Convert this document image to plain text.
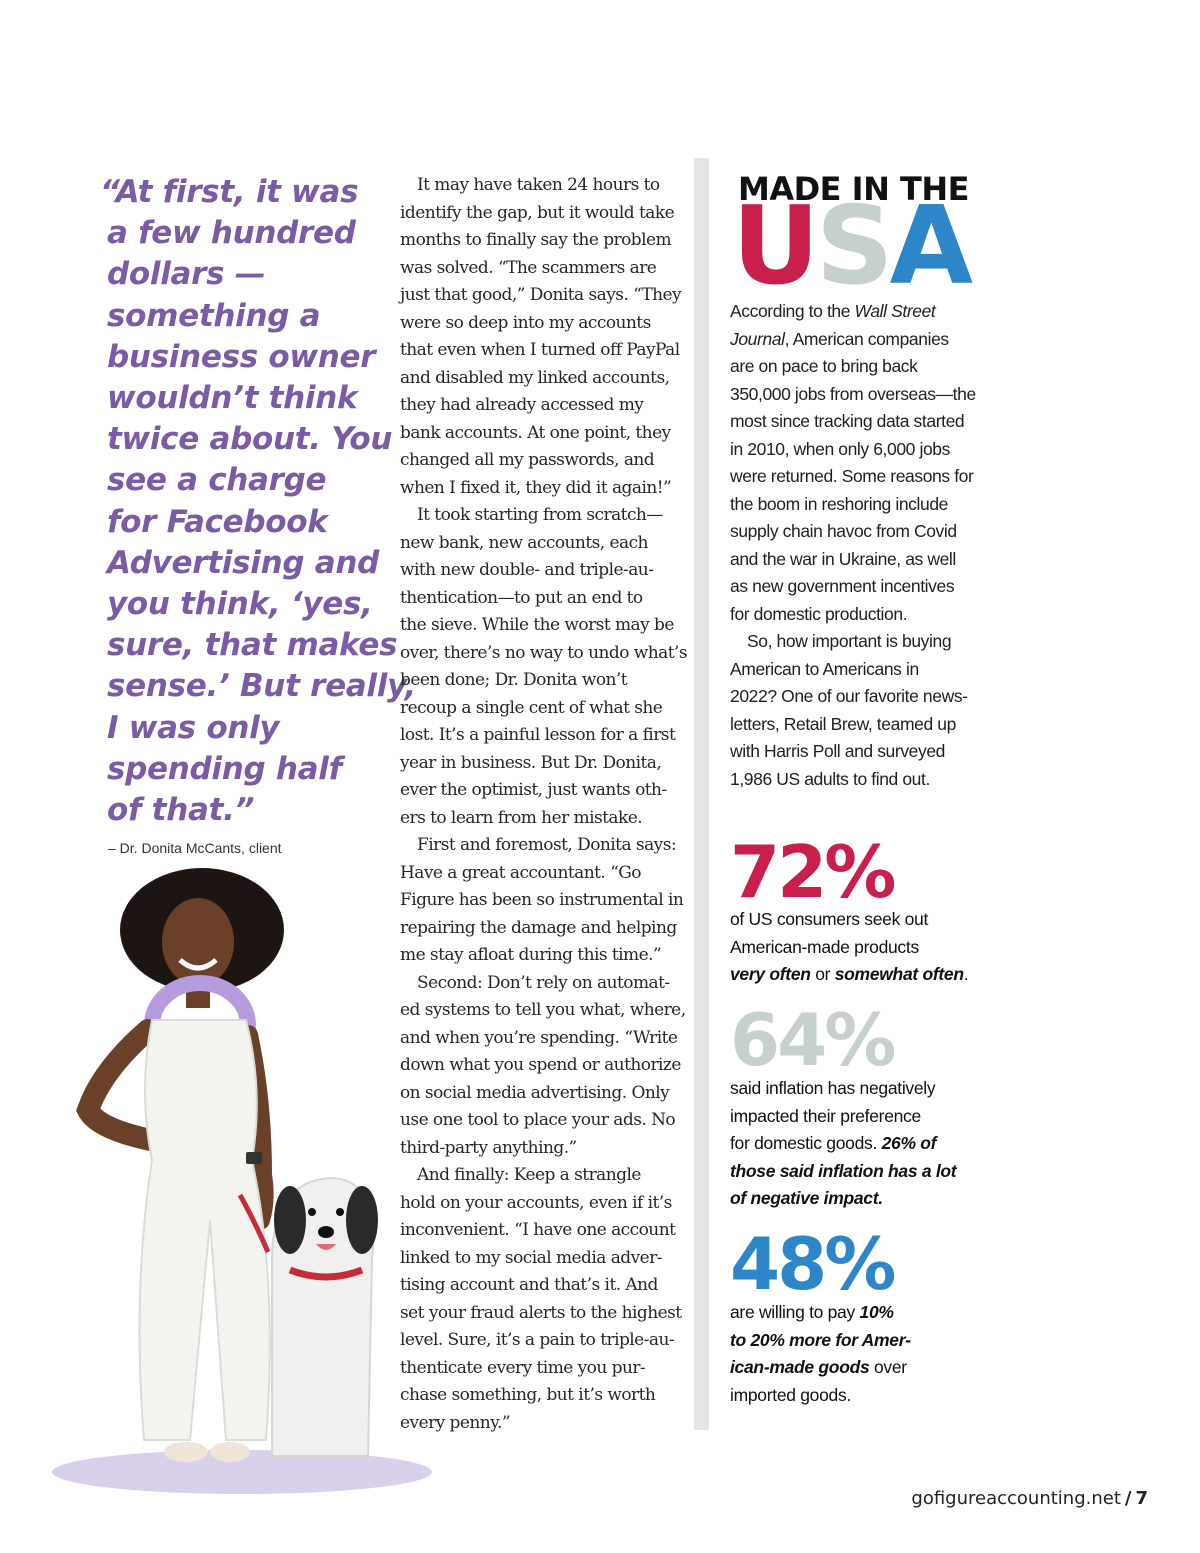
“At first, it was
a few hundred
dollars —
something a
business owner
wouldn’t think
twice about. You
see a charge
for Facebook
Advertising and
you think, ‘yes,
sure, that makes
sense.’ But really,
I was only
spending half
of that.”
– Dr. Donita McCants, client
It may have taken 24 hours to
identify the gap, but it would take
months to finally say the problem
was solved. “The scammers are
just that good,” Donita says. “They
were so deep into my accounts
that even when I turned off PayPal
and disabled my linked accounts,
they had already accessed my
bank accounts. At one point, they
changed all my passwords, and
when I fixed it, they did it again!”
It took starting from scratch—
new bank, new accounts, each
with new double- and triple-au-
thentication—to put an end to
the sieve. While the worst may be
over, there’s no way to undo what’s
been done; Dr. Donita won’t
recoup a single cent of what she
lost. It’s a painful lesson for a first
year in business. But Dr. Donita,
ever the optimist, just wants oth-
ers to learn from her mistake.
First and foremost, Donita says:
Have a great accountant. “Go
Figure has been so instrumental in
repairing the damage and helping
me stay afloat during this time.”
Second: Don’t rely on automat-
ed systems to tell you what, where,
and when you’re spending. “Write
down what you spend or authorize
on social media advertising. Only
use one tool to place your ads. No
third-party anything.”
And finally: Keep a strangle
hold on your accounts, even if it’s
inconvenient. “I have one account
linked to my social media adver-
tising account and that’s it. And
set your fraud alerts to the highest
level. Sure, it’s a pain to triple-au-
thenticate every time you pur-
chase something, but it’s worth
every penny.”
MADE IN THE
USA
According to the Wall Street
Journal, American companies
are on pace to bring back
350,000 jobs from overseas—the
most since tracking data started
in 2010, when only 6,000 jobs
were returned. Some reasons for
the boom in reshoring include
supply chain havoc from Covid
and the war in Ukraine, as well
as new government incentives
for domestic production.
So, how important is buying
American to Americans in
2022? One of our favorite news-
letters, Retail Brew, teamed up
with Harris Poll and surveyed
1,986 US adults to find out.
72%
of US consumers seek out
American-made products
very often or somewhat often.
64%
said inflation has negatively
impacted their preference
for domestic goods. 26% of
those said inflation has a lot
of negative impact.
48%
are willing to pay 10%
to 20% more for Amer-
ican-made goods over
imported goods.
gofigureaccounting.net / 7
